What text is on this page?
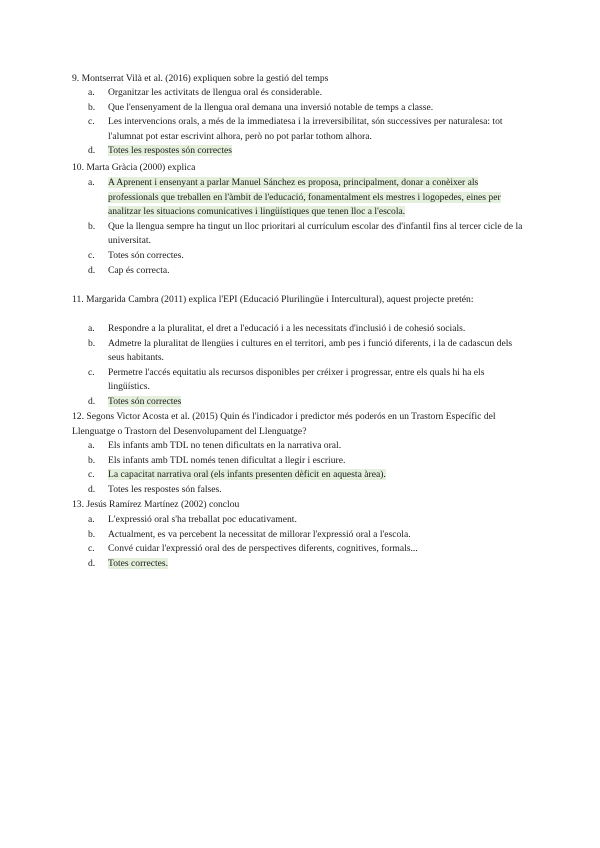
9. Montserrat Vilà et al. (2016) expliquen sobre la gestió del temps
a. Organitzar les activitats de llengua oral és considerable.
b. Que l'ensenyament de la llengua oral demana una inversió notable de temps a classe.
c. Les intervencions orals, a més de la immediatesa i la irreversibilitat, són successives per naturalesa: tot l'alumnat pot estar escrivint alhora, però no pot parlar tothom alhora.
d. Totes les respostes són correctes
10. Marta Gràcia (2000) explica
a. A Aprenent i ensenyant a parlar Manuel Sánchez es proposa, principalment, donar a conèixer als professionals que treballen en l'àmbit de l'educació, fonamentalment els mestres i logopedes, eines per analitzar les situacions comunicatives i lingüístiques que tenen lloc a l'escola.
b. Que la llengua sempre ha tingut un lloc prioritari al currículum escolar des d'infantil fins al tercer cicle de la universitat.
c. Totes són correctes.
d. Cap és correcta.
11. Margarida Cambra (2011) explica l'EPI (Educació Plurilingüe i Intercultural), aquest projecte pretén:
a. Respondre a la pluralitat, el dret a l'educació i a les necessitats d'inclusió i de cohesió socials.
b. Admetre la pluralitat de llengües i cultures en el territori, amb pes i funció diferents, i la de cadascun dels seus habitants.
c. Permetre l'accés equitatiu als recursos disponibles per créixer i progressar, entre els quals hi ha els lingüístics.
d. Totes són correctes
12. Segons Victor Acosta et al. (2015) Quin és l'indicador i predictor més poderós en un Trastorn Específic del Llenguatge o Trastorn del Desenvolupament del Llenguatge?
a. Els infants amb TDL no tenen dificultats en la narrativa oral.
b. Els infants amb TDL només tenen dificultat a llegir i escriure.
c. La capacitat narrativa oral (els infants presenten dèficit en aquesta àrea).
d. Totes les respostes són falses.
13. Jesús Ramírez Martínez (2002) conclou
a. L'expressió oral s'ha treballat poc educativament.
b. Actualment, es va percebent la necessitat de millorar l'expressió oral a l'escola.
c. Convé cuidar l'expressió oral des de perspectives diferents, cognitives, formals...
d. Totes correctes.
